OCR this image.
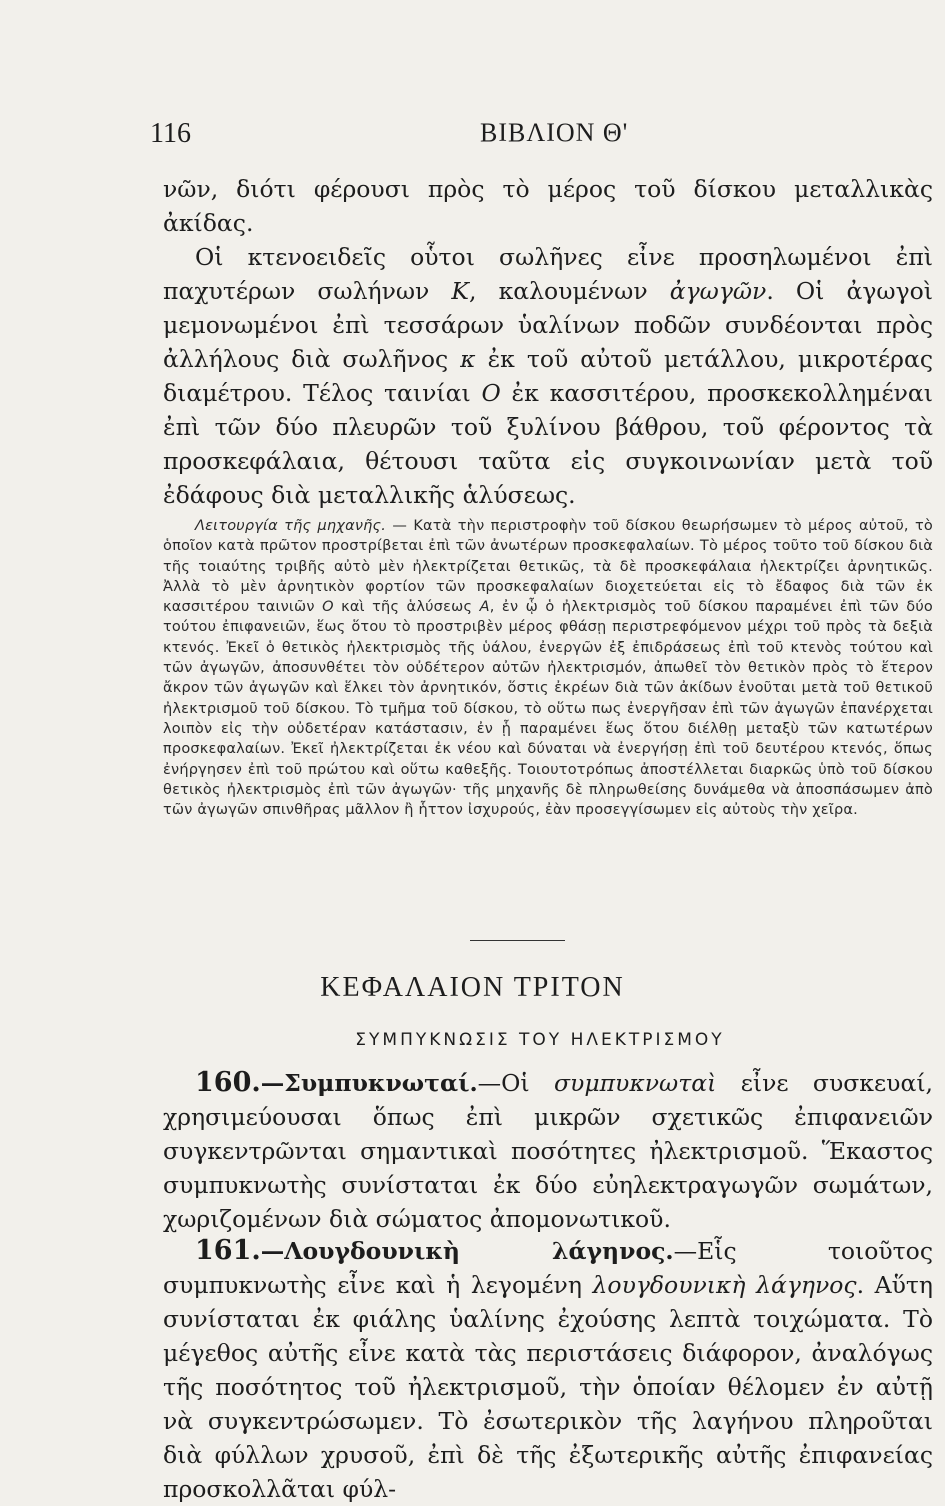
116	ΒΙΒΛΙΟΝ Θ'

νῶν, διότι φέρουσι πρὸς τὸ μέρος τοῦ δίσκου μεταλλικὰς ἀκίδας.

Οἱ κτενοειδεῖς οὗτοι σωλῆνες εἶνε προσηλωμένοι ἐπὶ παχυτέρων σωλήνων K, καλουμένων ἀγωγῶν. Οἱ ἀγωγοὶ μεμονωμένοι ἐπὶ τεσσάρων ὑαλίνων ποδῶν συνδέονται πρὸς ἀλλήλους διὰ σωλῆνος κ ἐκ τοῦ αὐτοῦ μετάλλου, μικροτέρας διαμέτρου. Τέλος ταινίαι O ἐκ κασσιτέρου, προσκεκολλημέναι ἐπὶ τῶν δύο πλευρῶν τοῦ ξυλίνου βάθρου, τοῦ φέροντος τὰ προσκεφάλαια, θέτουσι ταῦτα εἰς συγκοινωνίαν μετὰ τοῦ ἐδάφους διὰ μεταλλικῆς ἁλύσεως.

Λειτουργία τῆς μηχανῆς. — Κατὰ τὴν περιστροφὴν τοῦ δίσκου θεωρήσωμεν τὸ μέρος αὐτοῦ, τὸ ὁποῖον κατὰ πρῶτον προστρίβεται ἐπὶ τῶν ἀνωτέρων προσκεφαλαίων. Τὸ μέρος τοῦτο τοῦ δίσκου διὰ τῆς τοιαύτης τριβῆς αὐτὸ μὲν ἠλεκτρίζεται θετικῶς, τὰ δὲ προσκεφάλαια ἠλεκτρίζει ἀρνητικῶς. Ἀλλὰ τὸ μὲν ἀρνητικὸν φορτίον τῶν προσκεφαλαίων διοχετεύεται εἰς τὸ ἔδαφος διὰ τῶν ἐκ κασσιτέρου ταινιῶν O καὶ τῆς ἁλύσεως A, ἐν ᾧ ὁ ἠλεκτρισμὸς τοῦ δίσκου παραμένει ἐπὶ τῶν δύο τούτου ἐπιφανειῶν, ἕως ὅτου τὸ προστριβὲν μέρος φθάσῃ περιστρεφόμενον μέχρι τοῦ πρὸς τὰ δεξιὰ κτενός. Ἐκεῖ ὁ θετικὸς ἠλεκτρισμὸς τῆς ὑάλου, ἐνεργῶν ἐξ ἐπιδράσεως ἐπὶ τοῦ κτενὸς τούτου καὶ τῶν ἀγωγῶν, ἀποσυνθέτει τὸν οὐδέτερον αὐτῶν ἠλεκτρισμόν, ἀπωθεῖ τὸν θετικὸν πρὸς τὸ ἕτερον ἄκρον τῶν ἀγωγῶν καὶ ἕλκει τὸν ἀρνητικόν, ὅστις ἐκρέων διὰ τῶν ἀκίδων ἑνοῦται μετὰ τοῦ θετικοῦ ἠλεκτρισμοῦ τοῦ δίσκου. Τὸ τμῆμα τοῦ δίσκου, τὸ οὕτω πως ἐνεργῆσαν ἐπὶ τῶν ἀγωγῶν ἐπανέρχεται λοιπὸν εἰς τὴν οὐδετέραν κατάστασιν, ἐν ᾗ παραμένει ἕως ὅτου διέλθῃ μεταξὺ τῶν κατωτέρων προσκεφαλαίων. Ἐκεῖ ἠλεκτρίζεται ἐκ νέου καὶ δύναται νὰ ἐνεργήσῃ ἐπὶ τοῦ δευτέρου κτενός, ὅπως ἐνήργησεν ἐπὶ τοῦ πρώτου καὶ οὕτω καθεξῆς. Τοιουτοτρόπως ἀποστέλλεται διαρκῶς ὑπὸ τοῦ δίσκου θετικὸς ἠλεκτρισμὸς ἐπὶ τῶν ἀγωγῶν· τῆς μηχανῆς δὲ πληρωθείσης δυνάμεθα νὰ ἀποσπάσωμεν ἀπὸ τῶν ἀγωγῶν σπινθῆρας μᾶλλον ἢ ἧττον ἰσχυρούς, ἐὰν προσεγγίσωμεν εἰς αὐτοὺς τὴν χεῖρα.

ΚΕΦΑΛΑΙΟΝ ΤΡΙΤΟΝ
ΣΥΜΠΥΚΝΩΣΙΣ ΤΟΥ ΗΛΕΚΤΡΙΣΜΟΥ

160.—Συμπυκνωταί.—Οἱ συμπυκνωταὶ εἶνε συσκευαί, χρησιμεύουσαι ὅπως ἐπὶ μικρῶν σχετικῶς ἐπιφανειῶν συγκεντρῶνται σημαντικαὶ ποσότητες ἠλεκτρισμοῦ. Ἕκαστος συμπυκνωτὴς συνίσταται ἐκ δύο εὐηλεκτραγωγῶν σωμάτων, χωριζομένων διὰ σώματος ἀπομονωτικοῦ.

161.—Λουγδουνικὴ λάγηνος.—Εἷς τοιοῦτος συμπυκνωτὴς εἶνε καὶ ἡ λεγομένη λουγδουνικὴ λάγηνος. Αὕτη συνίσταται ἐκ φιάλης ὑαλίνης ἐχούσης λεπτὰ τοιχώματα. Τὸ μέγεθος αὐτῆς εἶνε κατὰ τὰς περιστάσεις διάφορον, ἀναλόγως τῆς ποσότητος τοῦ ἠλεκτρισμοῦ, τὴν ὁποίαν θέλομεν ἐν αὐτῇ νὰ συγκεντρώσωμεν. Τὸ ἐσωτερικὸν τῆς λαγήνου πληροῦται διὰ φύλλων χρυσοῦ, ἐπὶ δὲ τῆς ἐξωτερικῆς αὐτῆς ἐπιφανείας προσκολλᾶται φύλ-
